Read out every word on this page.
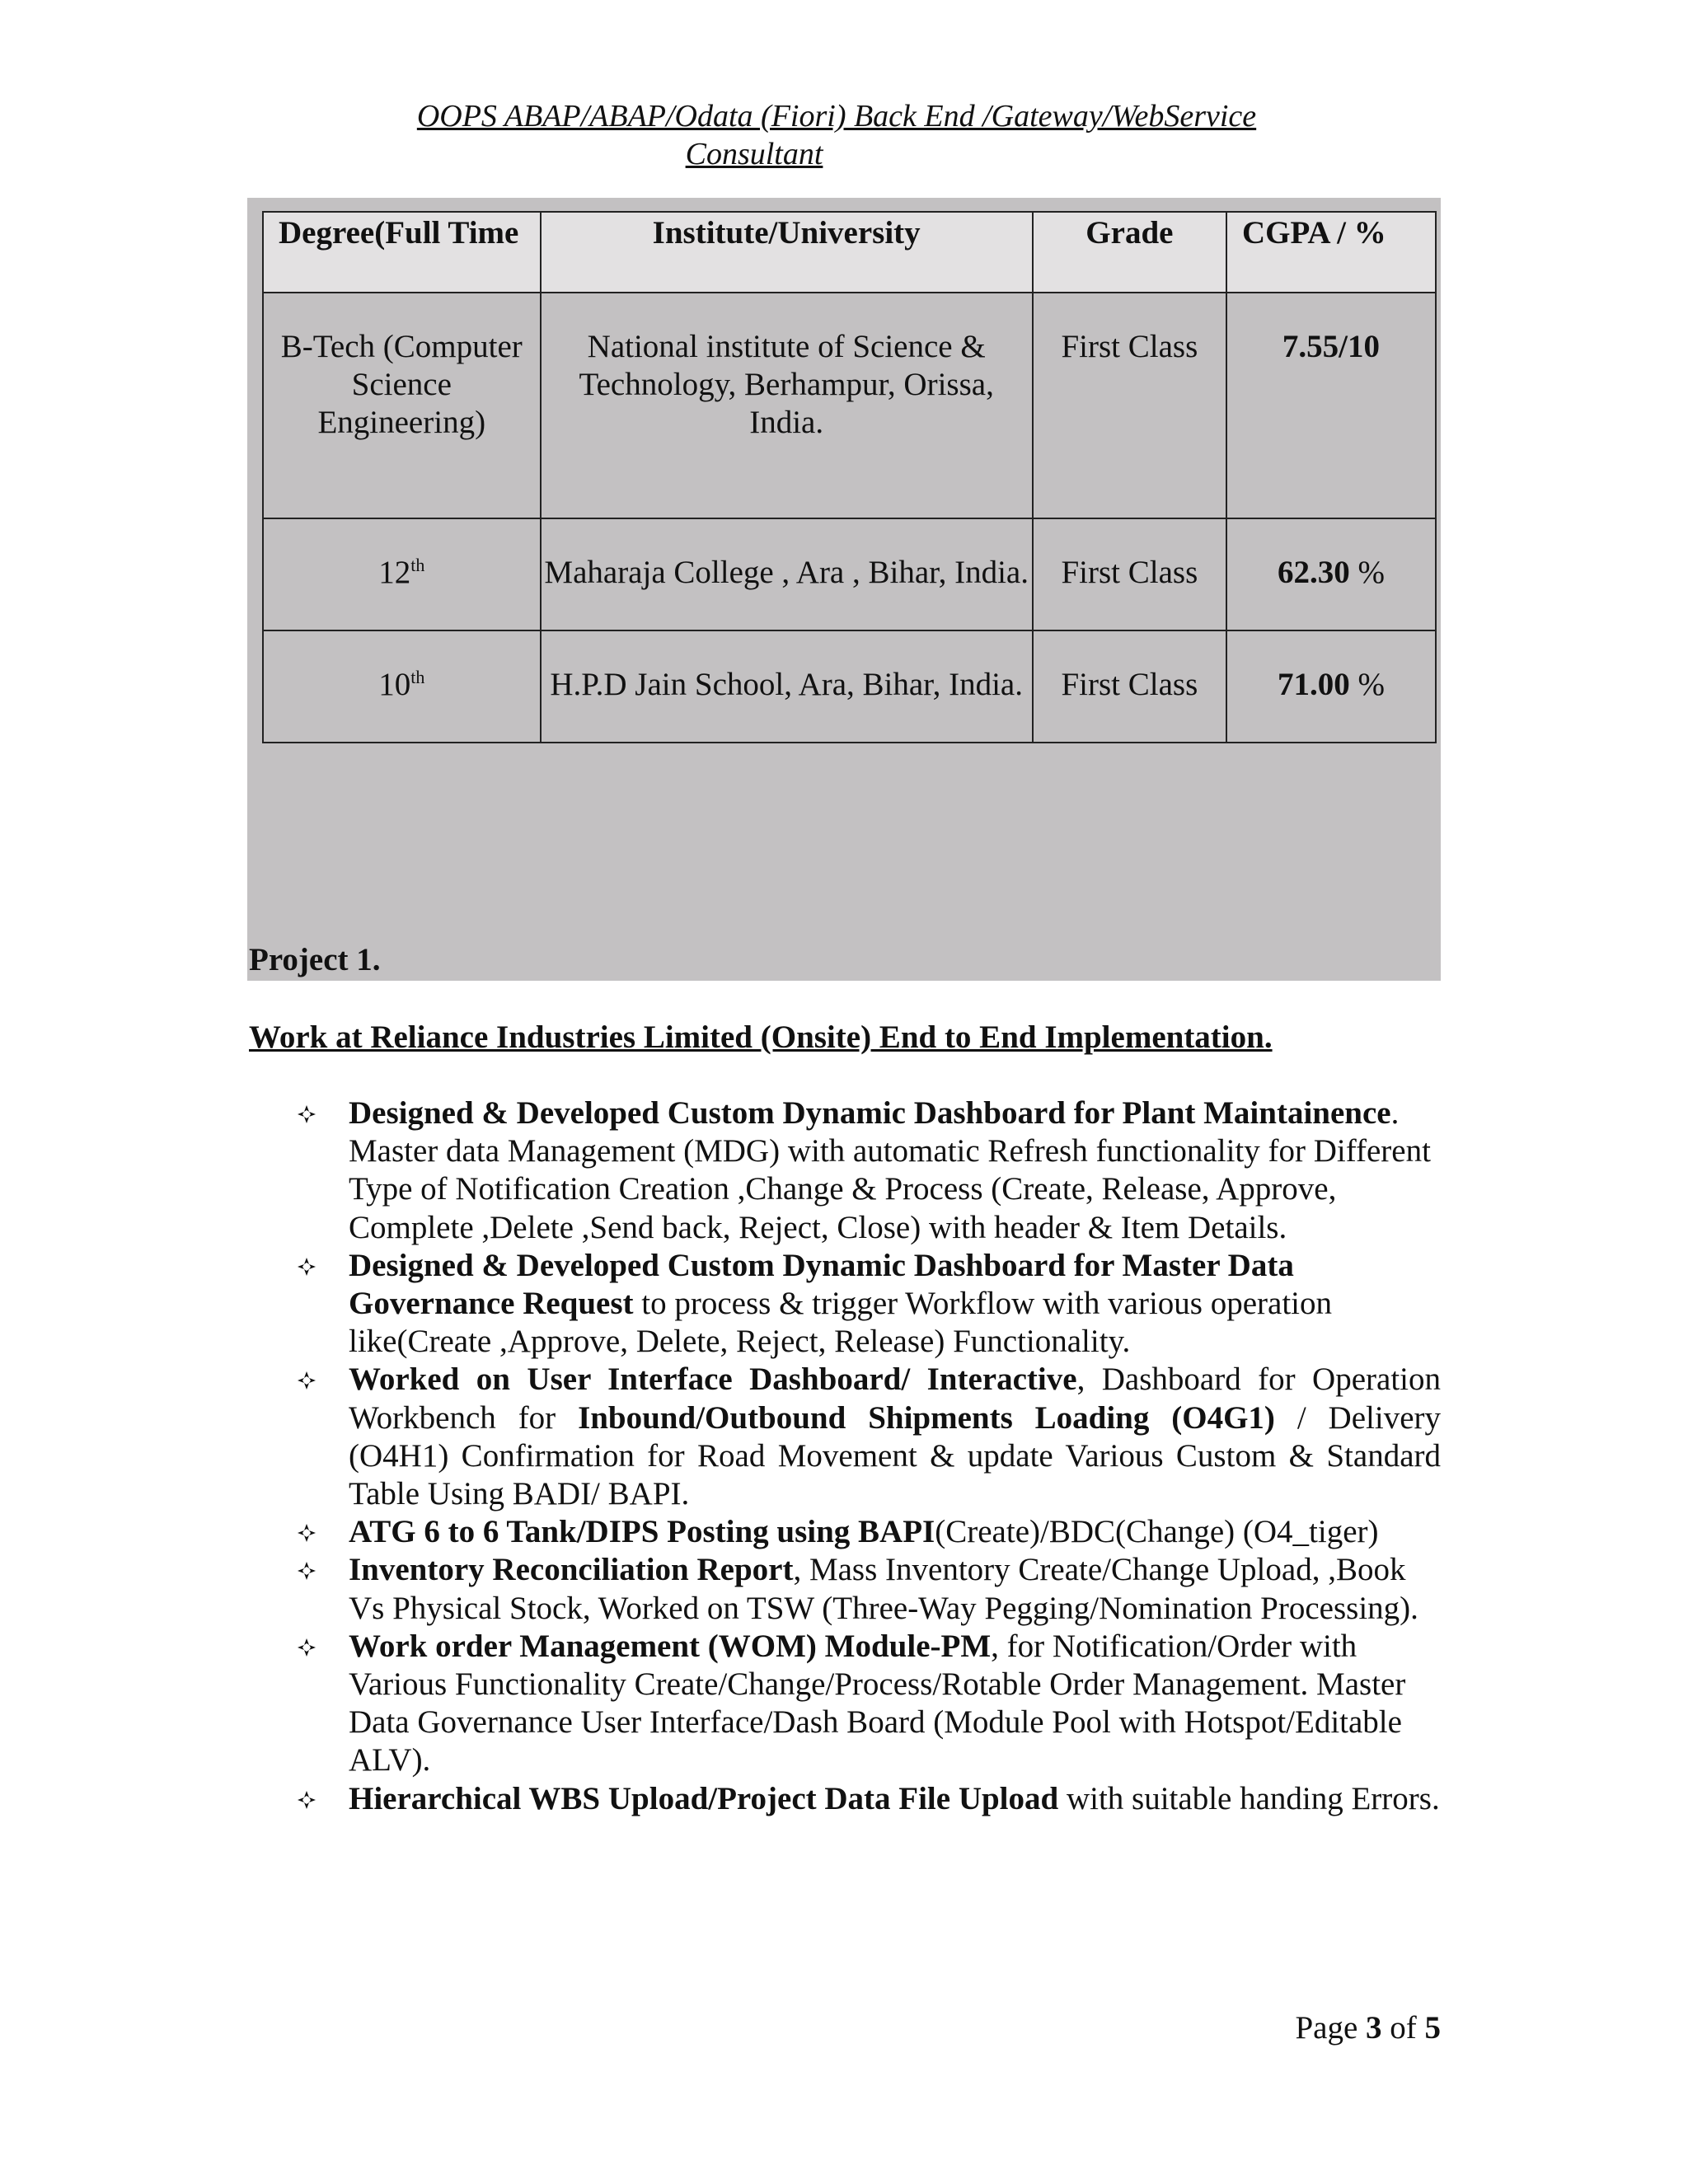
OOPS ABAP/ABAP/Odata (Fiori) Back End /Gateway/WebService
Consultant
Degree(Full Time	Institute/University	Grade	CGPA / %
B-Tech (Computer Science Engineering)	National institute of Science & Technology, Berhampur, Orissa, India.	First Class	7.55/10
12th	Maharaja College , Ara , Bihar, India.	First Class	62.30 %
10th	H.P.D Jain School, Ara, Bihar, India.	First Class	71.00 %
Project 1.
Work at Reliance Industries Limited (Onsite) End to End Implementation.
Designed & Developed Custom Dynamic Dashboard for Plant Maintainence. Master data Management (MDG) with automatic Refresh functionality for Different Type of Notification Creation ,Change & Process (Create, Release, Approve, Complete ,Delete ,Send back, Reject, Close) with header & Item Details.
Designed & Developed Custom Dynamic Dashboard for Master Data Governance Request to process & trigger Workflow with various operation like(Create ,Approve, Delete, Reject, Release) Functionality.
Worked on User Interface Dashboard/ Interactive, Dashboard for Operation Workbench for Inbound/Outbound Shipments Loading (O4G1) / Delivery (O4H1) Confirmation for Road Movement & update Various Custom & Standard Table Using BADI/ BAPI.
ATG 6 to 6 Tank/DIPS Posting using BAPI(Create)/BDC(Change) (O4_tiger)
Inventory Reconciliation Report, Mass Inventory Create/Change Upload, ,Book Vs Physical Stock, Worked on TSW (Three-Way Pegging/Nomination Processing).
Work order Management (WOM) Module-PM, for Notification/Order with Various Functionality Create/Change/Process/Rotable Order Management. Master Data Governance User Interface/Dash Board (Module Pool with Hotspot/Editable ALV).
Hierarchical WBS Upload/Project Data File Upload with suitable handing Errors.
Page 3 of 5
